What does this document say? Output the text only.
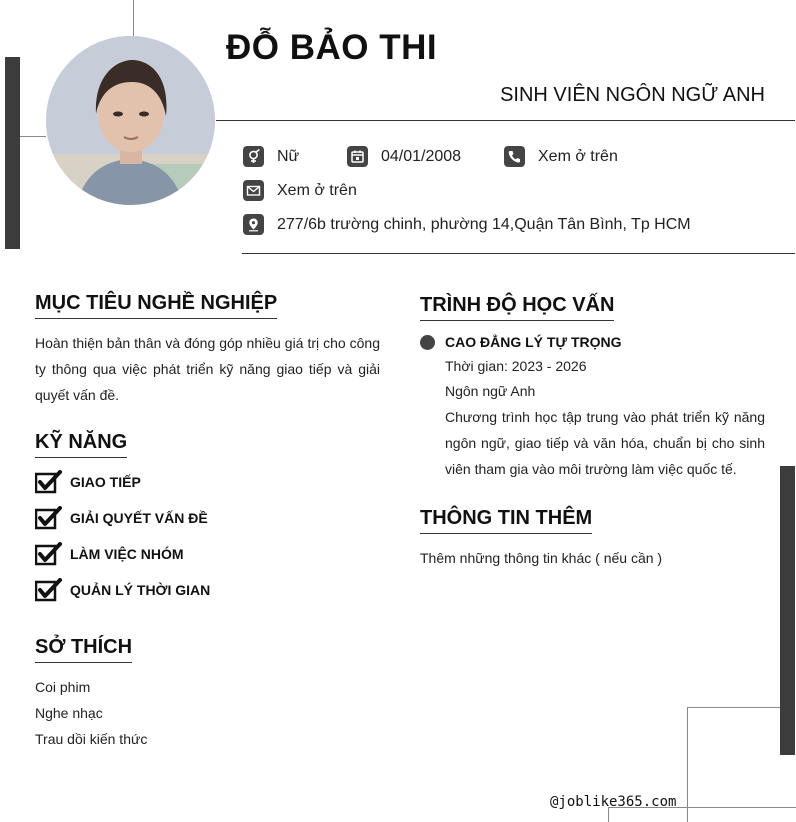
ĐỖ BẢO THI
SINH VIÊN NGÔN NGỮ ANH
Nữ	04/01/2008	Xem ở trên
Xem ở trên
277/6b trường chinh, phường 14,Quận Tân Bình, Tp HCM
MỤC TIÊU NGHỀ NGHIỆP
Hoàn thiện bản thân và đóng góp nhiều giá trị cho công ty thông qua việc phát triển kỹ năng giao tiếp và giải quyết vấn đề.
KỸ NĂNG
GIAO TIẾP
GIẢI QUYẾT VẤN ĐỀ
LÀM VIỆC NHÓM
QUẢN LÝ THỜI GIAN
SỞ THÍCH
Coi phim
Nghe nhạc
Trau dồi kiến thức
TRÌNH ĐỘ HỌC VẤN
CAO ĐẲNG LÝ TỰ TRỌNG
Thời gian: 2023 - 2026
Ngôn ngữ Anh
Chương trình học tập trung vào phát triển kỹ năng ngôn ngữ, giao tiếp và văn hóa, chuẩn bị cho sinh viên tham gia vào môi trường làm việc quốc tế.
THÔNG TIN THÊM
Thêm những thông tin khác ( nếu cần )
@joblike365.com
